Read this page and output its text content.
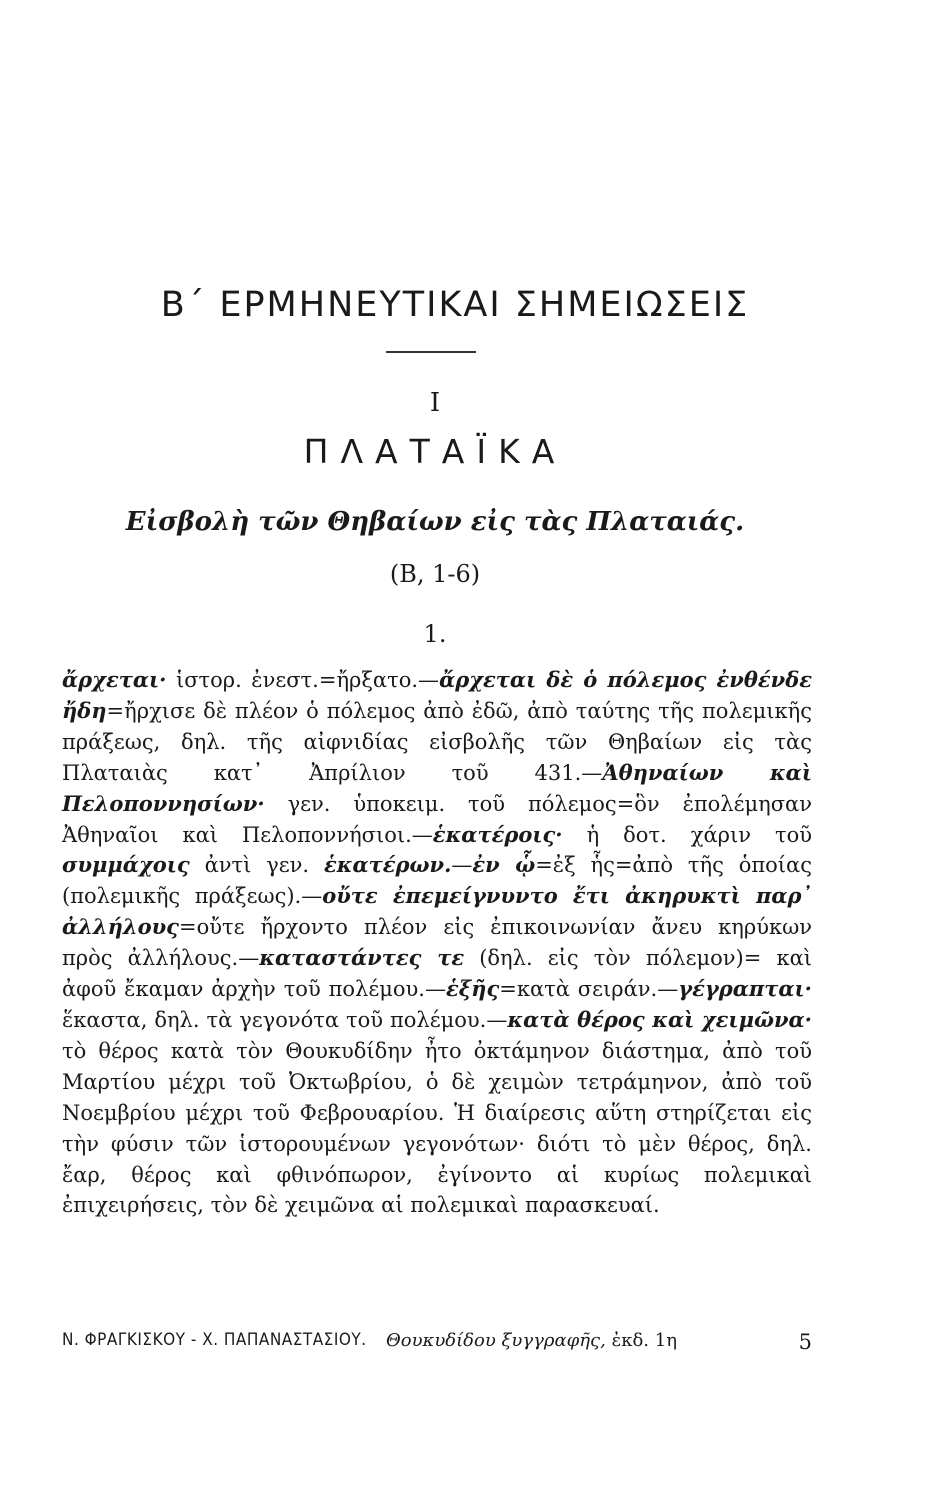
Β΄ ΕΡΜΗΝΕΥΤΙΚΑΙ ΣΗΜΕΙΩΣΕΙΣ
Ι
ΠΛΑΤΑΪΚΑ
Εἰσβολὴ τῶν Θηβαίων εἰς τὰς Πλαταιάς.
(Β, 1-6)
1.

ἄρχεται· ἱστορ. ἐνεστ.=ἤρξατο.—ἄρχεται δὲ ὁ πόλεμος ἐνθένδε ἤδη=ἤρχισε δὲ πλέον ὁ πόλεμος ἀπὸ ἐδῶ, ἀπὸ ταύτης τῆς πολεμικῆς πράξεως, δηλ. τῆς αἰφνιδίας εἰσβολῆς τῶν Θηβαίων εἰς τὰς Πλαταιὰς κατ᾽ Ἀπρίλιον τοῦ 431.—Ἀθηναίων καὶ Πελοποννησίων· γεν. ὑποκειμ. τοῦ πόλεμος=ὃν ἐπολέμησαν Ἀθηναῖοι καὶ Πελοποννήσιοι.—ἑκατέροις· ἡ δοτ. χάριν τοῦ συμμάχοις ἀντὶ γεν. ἑκατέρων.—ἐν ᾧ=ἐξ ἧς=ἀπὸ τῆς ὁποίας (πολεμικῆς πράξεως).—οὔτε ἐπεμείγνυντο ἔτι ἀκηρυκτὶ παρ᾽ ἀλλήλους=οὔτε ἤρχοντο πλέον εἰς ἐπικοινωνίαν ἄνευ κηρύκων πρὸς ἀλλήλους.—καταστάντες τε (δηλ. εἰς τὸν πόλεμον)= καὶ ἀφοῦ ἔκαμαν ἀρχὴν τοῦ πολέμου.—ἑξῆς=κατὰ σειράν.—γέγραπται· ἕκαστα, δηλ. τὰ γεγονότα τοῦ πολέμου.—κατὰ θέρος καὶ χειμῶνα· τὸ θέρος κατὰ τὸν Θουκυδίδην ἦτο ὀκτάμηνον διάστημα, ἀπὸ τοῦ Μαρτίου μέχρι τοῦ Ὀκτωβρίου, ὁ δὲ χειμὼν τετράμηνον, ἀπὸ τοῦ Νοεμβρίου μέχρι τοῦ Φεβρουαρίου. Ἡ διαίρεσις αὕτη στηρίζεται εἰς τὴν φύσιν τῶν ἱστορουμένων γεγονότων· διότι τὸ μὲν θέρος, δηλ. ἔαρ, θέρος καὶ φθινόπωρον, ἐγίνοντο αἱ κυρίως πολεμικαὶ ἐπιχειρήσεις, τὸν δὲ χειμῶνα αἱ πολεμικαὶ παρασκευαί.

Ν. ΦΡΑΓΚΙΣΚΟΥ - Χ. ΠΑΠΑΝΑΣΤΑΣΙΟΥ. Θουκυδίδου ξυγγραφῆς, ἐκδ. 1η	5
